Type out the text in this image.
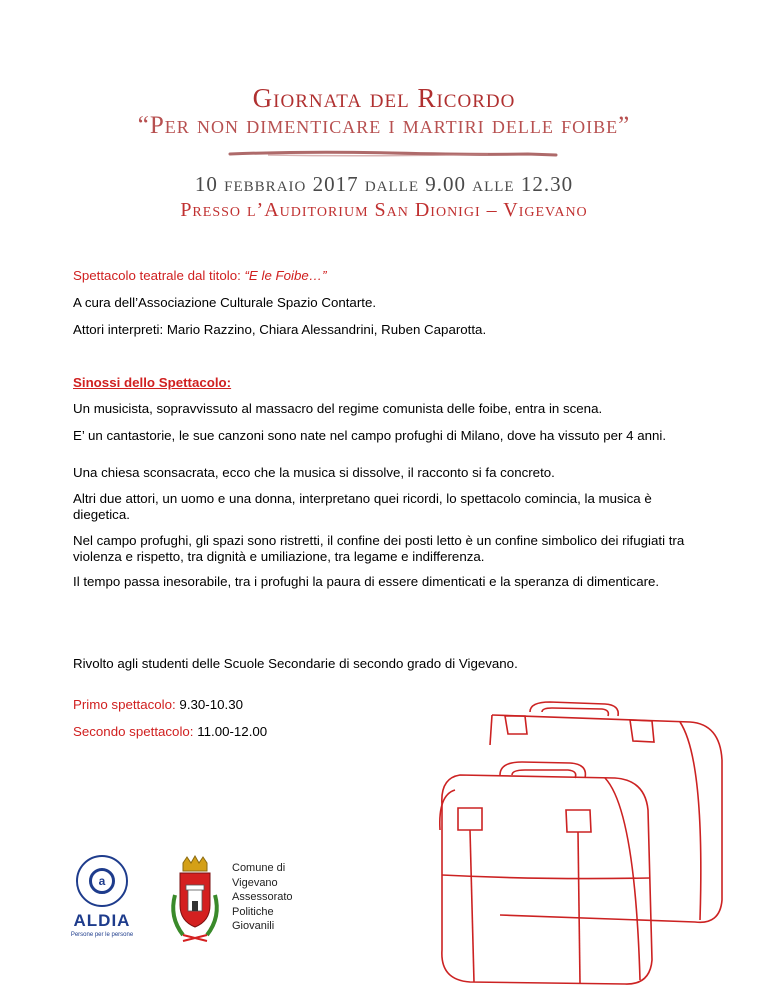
Giornata del Ricordo
“Per non dimenticare i martiri delle foibe”
10 febbraio 2017 dalle 9.00 alle 12.30
Presso l’Auditorium San Dionigi – Vigevano
Spettacolo teatrale dal titolo: “E le Foibe…”
A cura dell’Associazione Culturale Spazio Contarte.
Attori interpreti: Mario Razzino, Chiara Alessandrini, Ruben Caparotta.
Sinossi dello Spettacolo:
Un musicista, sopravvissuto al massacro del regime comunista delle foibe, entra in scena.
E’ un cantastorie, le sue canzoni sono nate nel campo profughi di Milano, dove ha vissuto per 4 anni.
Una chiesa sconsacrata, ecco che la musica si dissolve, il racconto si fa concreto.
Altri due attori, un uomo e una donna, interpretano quei ricordi, lo spettacolo comincia, la musica è diegetica.
Nel campo profughi, gli spazi sono ristretti, il confine dei posti letto è un confine simbolico dei rifugiati tra violenza e rispetto, tra dignità e umiliazione, tra legame e indifferenza.
Il tempo passa inesorabile, tra i profughi la paura di essere dimenticati e la speranza di dimenticare.
Rivolto agli studenti delle Scuole Secondarie di secondo grado di Vigevano.
Primo spettacolo: 9.30-10.30
Secondo spettacolo: 11.00-12.00
a
ALDIA
Persone per le persone
Comune di
Vigevano
Assessorato
Politiche
Giovanili
